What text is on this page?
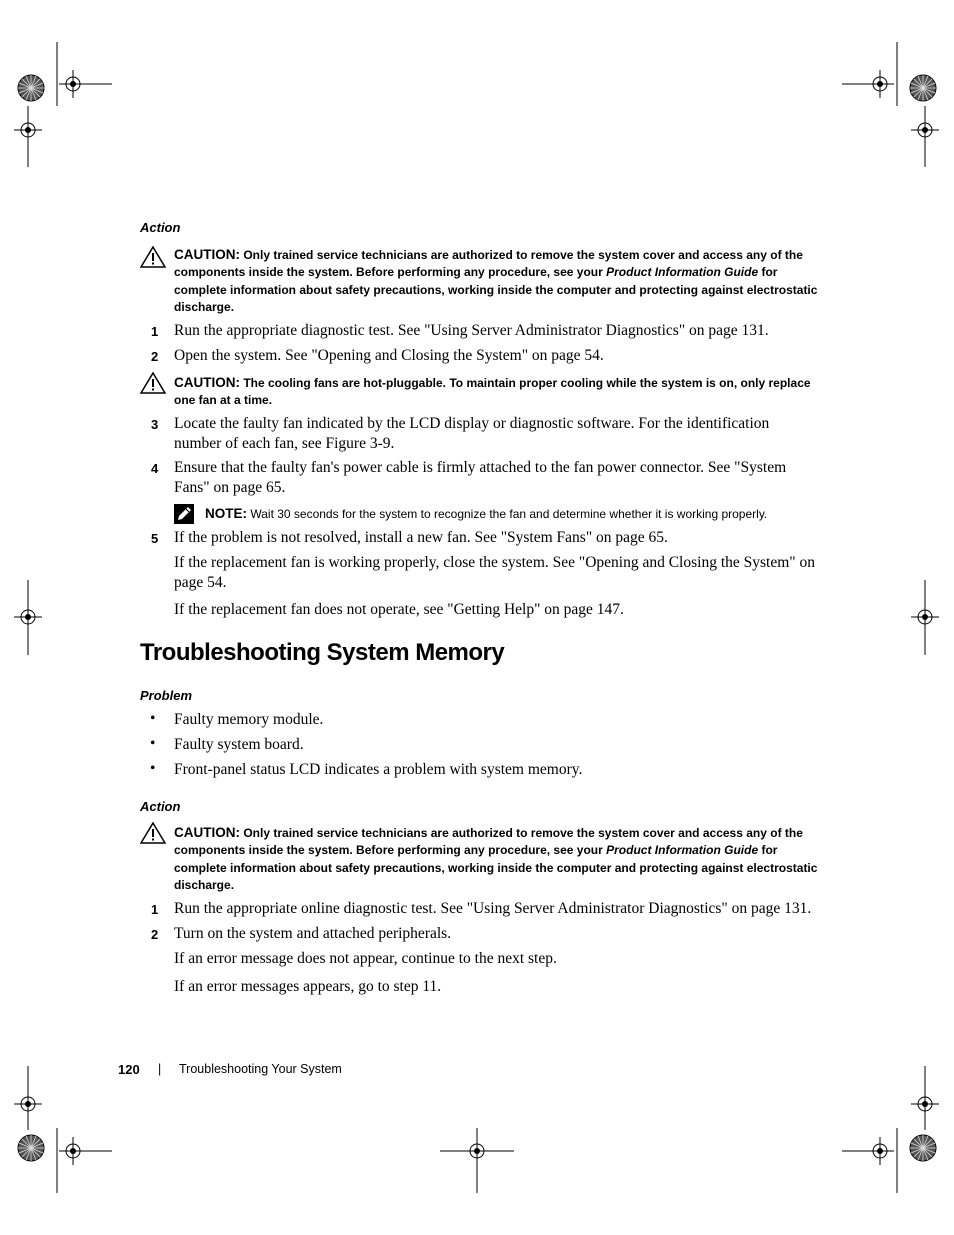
Action
CAUTION: Only trained service technicians are authorized to remove the system cover and access any of the components inside the system. Before performing any procedure, see your Product Information Guide for complete information about safety precautions, working inside the computer and protecting against electrostatic discharge.
1 Run the appropriate diagnostic test. See "Using Server Administrator Diagnostics" on page 131.
2 Open the system. See "Opening and Closing the System" on page 54.
CAUTION: The cooling fans are hot-pluggable. To maintain proper cooling while the system is on, only replace one fan at a time.
3 Locate the faulty fan indicated by the LCD display or diagnostic software. For the identification number of each fan, see Figure 3-9.
4 Ensure that the faulty fan's power cable is firmly attached to the fan power connector. See "System Fans" on page 65.
NOTE: Wait 30 seconds for the system to recognize the fan and determine whether it is working properly.
5 If the problem is not resolved, install a new fan. See "System Fans" on page 65.
If the replacement fan is working properly, close the system. See "Opening and Closing the System" on page 54.
If the replacement fan does not operate, see "Getting Help" on page 147.
Troubleshooting System Memory
Problem
• Faulty memory module.
• Faulty system board.
• Front-panel status LCD indicates a problem with system memory.
Action
CAUTION: Only trained service technicians are authorized to remove the system cover and access any of the components inside the system. Before performing any procedure, see your Product Information Guide for complete information about safety precautions, working inside the computer and protecting against electrostatic discharge.
1 Run the appropriate online diagnostic test. See "Using Server Administrator Diagnostics" on page 131.
2 Turn on the system and attached peripherals.
If an error message does not appear, continue to the next step.
If an error messages appears, go to step 11.
120 | Troubleshooting Your System
